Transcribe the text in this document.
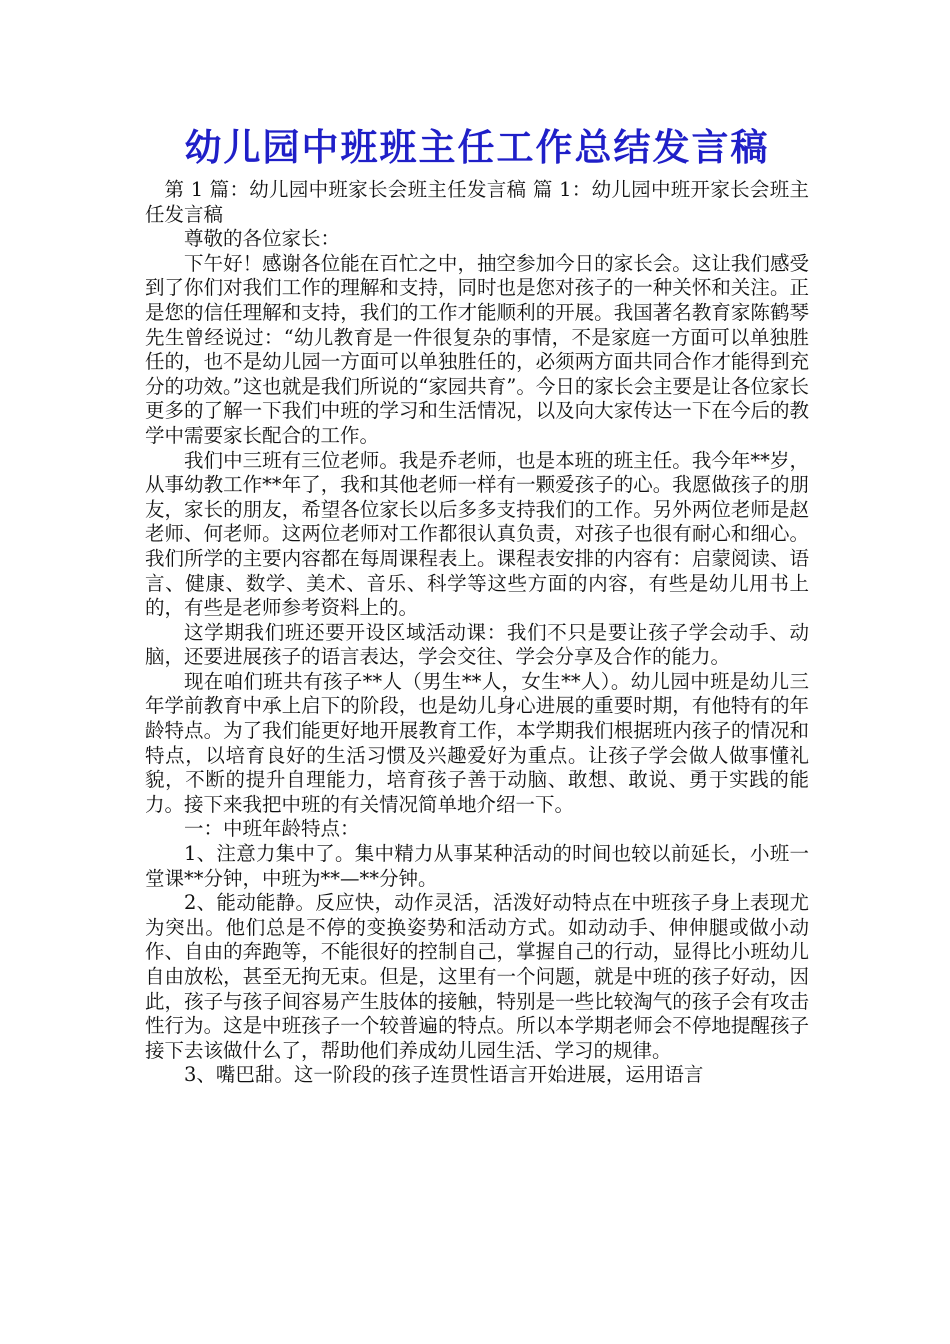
幼儿园中班班主任工作总结发言稿

第 1 篇：幼儿园中班家长会班主任发言稿 篇 1：幼儿园中班开家长会班主任发言稿

尊敬的各位家长：

下午好！感谢各位能在百忙之中，抽空参加今日的家长会。这让我们感受到了你们对我们工作的理解和支持，同时也是您对孩子的一种关怀和关注。正是您的信任理解和支持，我们的工作才能顺利的开展。我国著名教育家陈鹤琴先生曾经说过：“幼儿教育是一件很复杂的事情，不是家庭一方面可以单独胜任的，也不是幼儿园一方面可以单独胜任的，必须两方面共同合作才能得到充分的功效。”这也就是我们所说的“家园共育”。今日的家长会主要是让各位家长更多的了解一下我们中班的学习和生活情况，以及向大家传达一下在今后的教学中需要家长配合的工作。

我们中三班有三位老师。我是乔老师，也是本班的班主任。我今年**岁，从事幼教工作**年了，我和其他老师一样有一颗爱孩子的心。我愿做孩子的朋友，家长的朋友，希望各位家长以后多多支持我们的工作。另外两位老师是赵老师、何老师。这两位老师对工作都很认真负责，对孩子也很有耐心和细心。我们所学的主要内容都在每周课程表上。课程表安排的内容有：启蒙阅读、语言、健康、数学、美术、音乐、科学等这些方面的内容，有些是幼儿用书上的，有些是老师参考资料上的。

这学期我们班还要开设区域活动课：我们不只是要让孩子学会动手、动脑，还要进展孩子的语言表达，学会交往、学会分享及合作的能力。

现在咱们班共有孩子**人（男生**人，女生**人）。幼儿园中班是幼儿三年学前教育中承上启下的阶段，也是幼儿身心进展的重要时期，有他特有的年龄特点。为了我们能更好地开展教育工作，本学期我们根据班内孩子的情况和特点，以培育良好的生活习惯及兴趣爱好为重点。让孩子学会做人做事懂礼貌，不断的提升自理能力，培育孩子善于动脑、敢想、敢说、勇于实践的能力。接下来我把中班的有关情况简单地介绍一下。

一：中班年龄特点：

1、注意力集中了。集中精力从事某种活动的时间也较以前延长，小班一堂课**分钟，中班为**—**分钟。

2、能动能静。反应快，动作灵活，活泼好动特点在中班孩子身上表现尤为突出。他们总是不停的变换姿势和活动方式。如动动手、伸伸腿或做小动作、自由的奔跑等，不能很好的控制自己，掌握自己的行动，显得比小班幼儿自由放松，甚至无拘无束。但是，这里有一个问题，就是中班的孩子好动，因此，孩子与孩子间容易产生肢体的接触，特别是一些比较淘气的孩子会有攻击性行为。这是中班孩子一个较普遍的特点。所以本学期老师会不停地提醒孩子接下去该做什么了，帮助他们养成幼儿园生活、学习的规律。

3、嘴巴甜。这一阶段的孩子连贯性语言开始进展，运用语言
